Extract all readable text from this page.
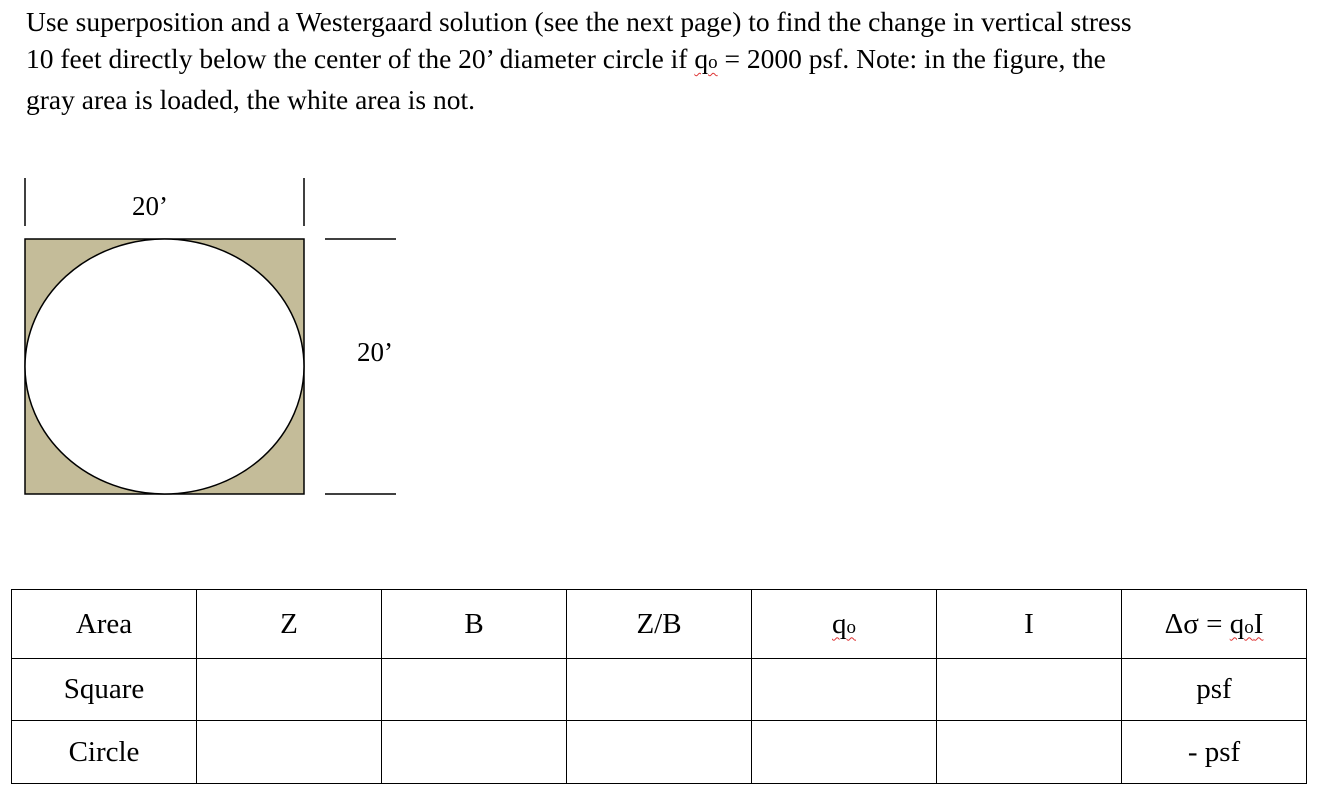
Use superposition and a Westergaard solution (see the next page) to find the change in vertical stress
10 feet directly below the center of the 20’ diameter circle if qo = 2000 psf. Note: in the figure, the
gray area is loaded, the white area is not.

20’
20’
Area	Z	B	Z/B	qo	I	Δσ = qoI
Square						psf
Circle						- psf
